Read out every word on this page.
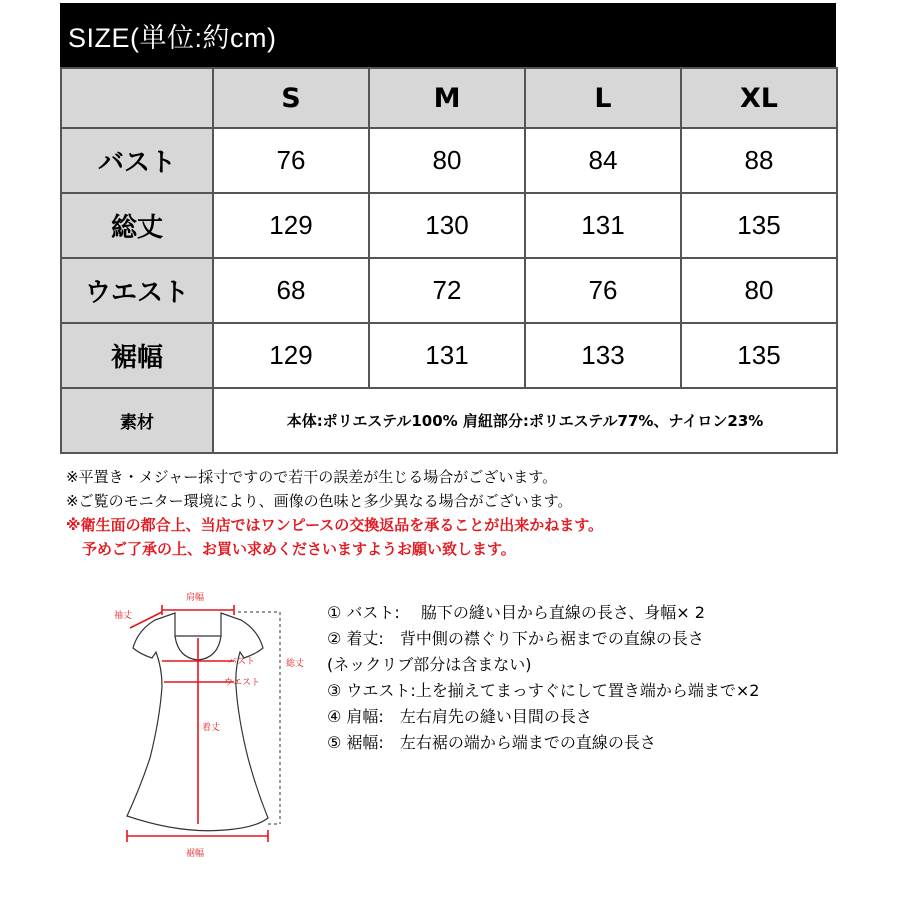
SIZE(単位:約cm)
	S	M	L	XL
バスト	76	80	84	88
総丈	129	130	131	135
ウエスト	68	72	76	80
裾幅	129	131	133	135
素材	本体:ポリエステル100% 肩紐部分:ポリエステル77%、ナイロン23%			
※平置き・メジャー採寸ですので若干の誤差が生じる場合がございます。
※ご覧のモニター環境により、画像の色味と多少異なる場合がございます。
※衛生面の都合上、当店ではワンピースの交換返品を承ることが出来かねます。
予めご了承の上、お買い求めくださいますようお願い致します。
肩幅
袖丈
バスト
ウエスト
着丈
総丈
裾幅
① バスト:　 脇下の縫い目から直線の長さ、身幅× 2
② 着丈:　背中側の襟ぐり下から裾までの直線の長さ
(ネックリブ部分は含まない)
③ ウエスト:上を揃えてまっすぐにして置き端から端まで×2
④ 肩幅:　左右肩先の縫い目間の長さ
⑤ 裾幅:　左右裾の端から端までの直線の長さ
